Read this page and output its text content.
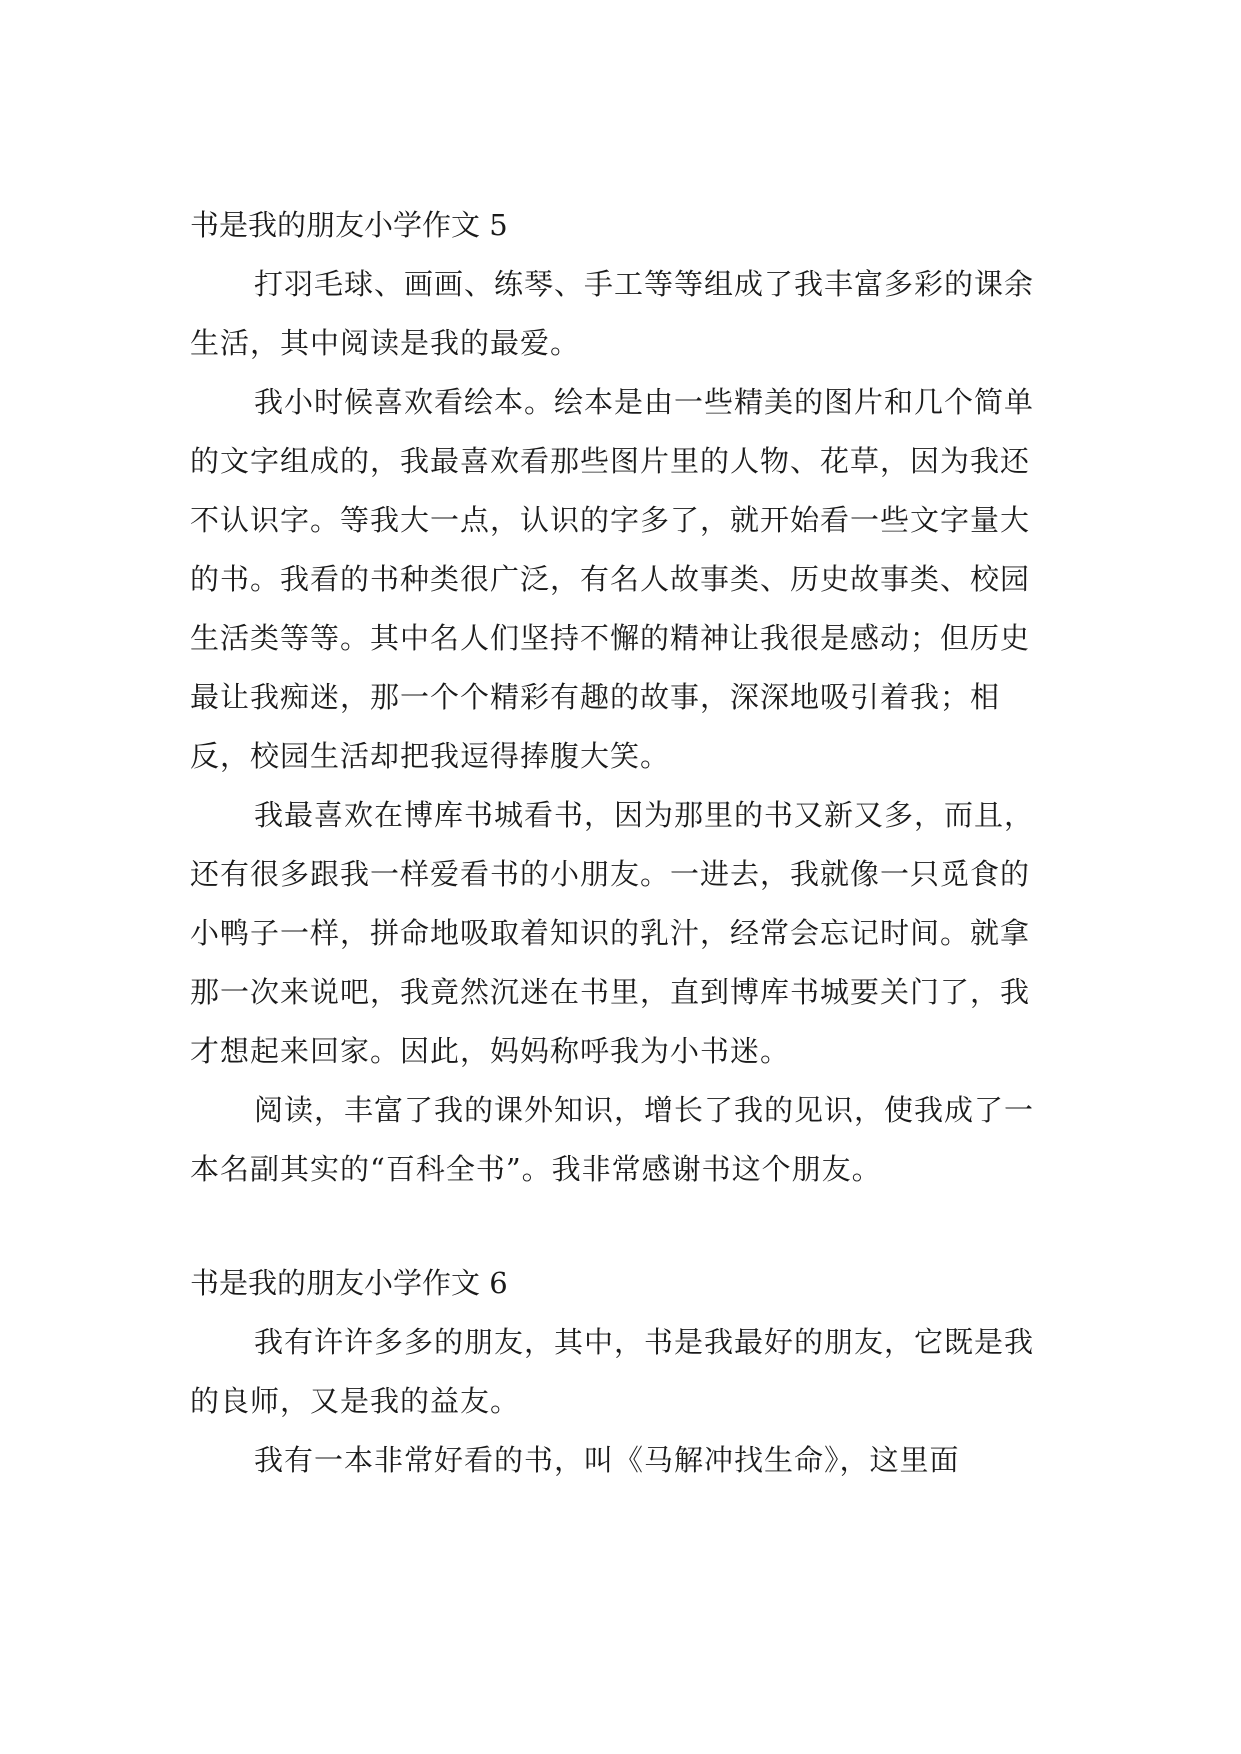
书是我的朋友小学作文 5

打羽毛球、画画、练琴、手工等等组成了我丰富多彩的课余生活，其中阅读是我的最爱。

我小时候喜欢看绘本。绘本是由一些精美的图片和几个简单的文字组成的，我最喜欢看那些图片里的人物、花草，因为我还不认识字。等我大一点，认识的字多了，就开始看一些文字量大的书。我看的书种类很广泛，有名人故事类、历史故事类、校园生活类等等。其中名人们坚持不懈的精神让我很是感动；但历史最让我痴迷，那一个个精彩有趣的故事，深深地吸引着我；相反，校园生活却把我逗得捧腹大笑。

我最喜欢在博库书城看书，因为那里的书又新又多，而且，还有很多跟我一样爱看书的小朋友。一进去，我就像一只觅食的小鸭子一样，拼命地吸取着知识的乳汁，经常会忘记时间。就拿那一次来说吧，我竟然沉迷在书里，直到博库书城要关门了，我才想起来回家。因此，妈妈称呼我为小书迷。

阅读，丰富了我的课外知识，增长了我的见识，使我成了一本名副其实的“百科全书”。我非常感谢书这个朋友。

书是我的朋友小学作文 6

我有许许多多的朋友，其中，书是我最好的朋友，它既是我的良师，又是我的益友。

我有一本非常好看的书，叫《马解冲找生命》，这里面
